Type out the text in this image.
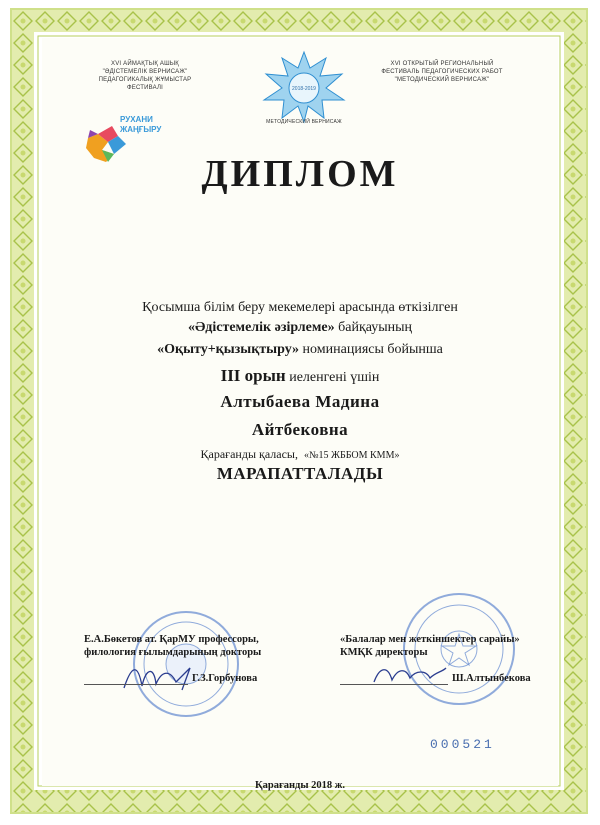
XVI АЙМАҚТЫҚ АШЫҚ
"ӘДІСТЕМЕЛІК ВЕРНИСАЖ"
ПЕДАГОГИКАЛЫҚ ЖҰМЫСТАР ФЕСТИВАЛІ	2018-2019
МЕТОДИЧЕСКИЙ ВЕРНИСАЖ
XVI ОТКРЫТЫЙ РЕГИОНАЛЬНЫЙ
ФЕСТИВАЛЬ ПЕДАГОГИЧЕСКИХ РАБОТ
"МЕТОДИЧЕСКИЙ ВЕРНИСАЖ"
РУХАНИ
ЖАҢҒЫРУ
ДИПЛОМ
Қосымша білім беру мекемелері арасында өткізілген
«Әдістемелік әзірлеме» байқауының
«Оқыту+қызықтыру» номинациясы бойынша
III орын иеленгені үшін
Алтыбаева Мадина
Айтбековна
Қарағанды қаласы, «№15 ЖББОМ КММ»
МАРАПАТТАЛАДЫ
Е.А.Бөкетов ат. ҚарМУ профессоры,
филология ғылымдарының докторы
«Балалар мен жеткіншектер сарайы»
КМҚК директоры
Г.З.Горбунова	Ш.Алтынбекова
000521
Қарағанды 2018 ж.
